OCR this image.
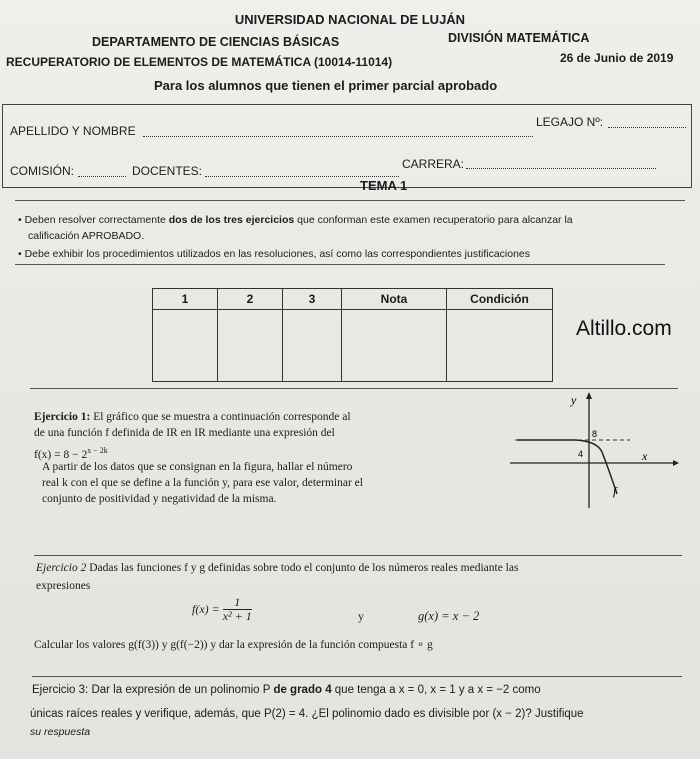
UNIVERSIDAD NACIONAL DE LUJÁN
DEPARTAMENTO DE CIENCIAS BÁSICAS	DIVISIÓN MATEMÁTICA
RECUPERATORIO DE ELEMENTOS DE MATEMÁTICA (10014-11014)	26 de Junio de 2019
Para los alumnos que tienen el primer parcial aprobado
APELLIDO Y NOMBRE
LEGAJO Nº:
COMISIÓN:	DOCENTES:	CARRERA:
TEMA 1
• Deben resolver correctamente dos de los tres ejercicios que conforman este examen recuperatorio para alcanzar la
calificación APROBADO.
• Debe exhibir los procedimientos utilizados en las resoluciones, así como las correspondientes justificaciones
1	2	3	Nota	Condición

Altillo.com
Ejercicio 1: El gráfico que se muestra a continuación corresponde al
de una función f definida de IR en IR mediante una expresión del
$f(x) = 8 - 2^{x - 2k}$
A partir de los datos que se consignan en la figura, hallar el número
real k con el que se define a la función y, para ese valor, determinar el
conjunto de positividad y negatividad de la misma.
y
x
8
4
f
Ejercicio 2 Dadas las funciones f y g definidas sobre todo el conjunto de los números reales mediante las
expresiones
$f(x) = \frac{1}{\text{x² + 1}}$	y	g(x) = x − 2
Calcular los valores g(f(3)) y g(f(−2)) y dar la expresión de la función compuesta f ∘ g
Ejercicio 3: Dar la expresión de un polinomio P de grado 4 que tenga a x = 0, x = 1 y a x = −2 como
únicas raíces reales y verifique, además, que P(2) = 4. ¿El polinomio dado es divisible por (x − 2)? Justifique
su respuesta
